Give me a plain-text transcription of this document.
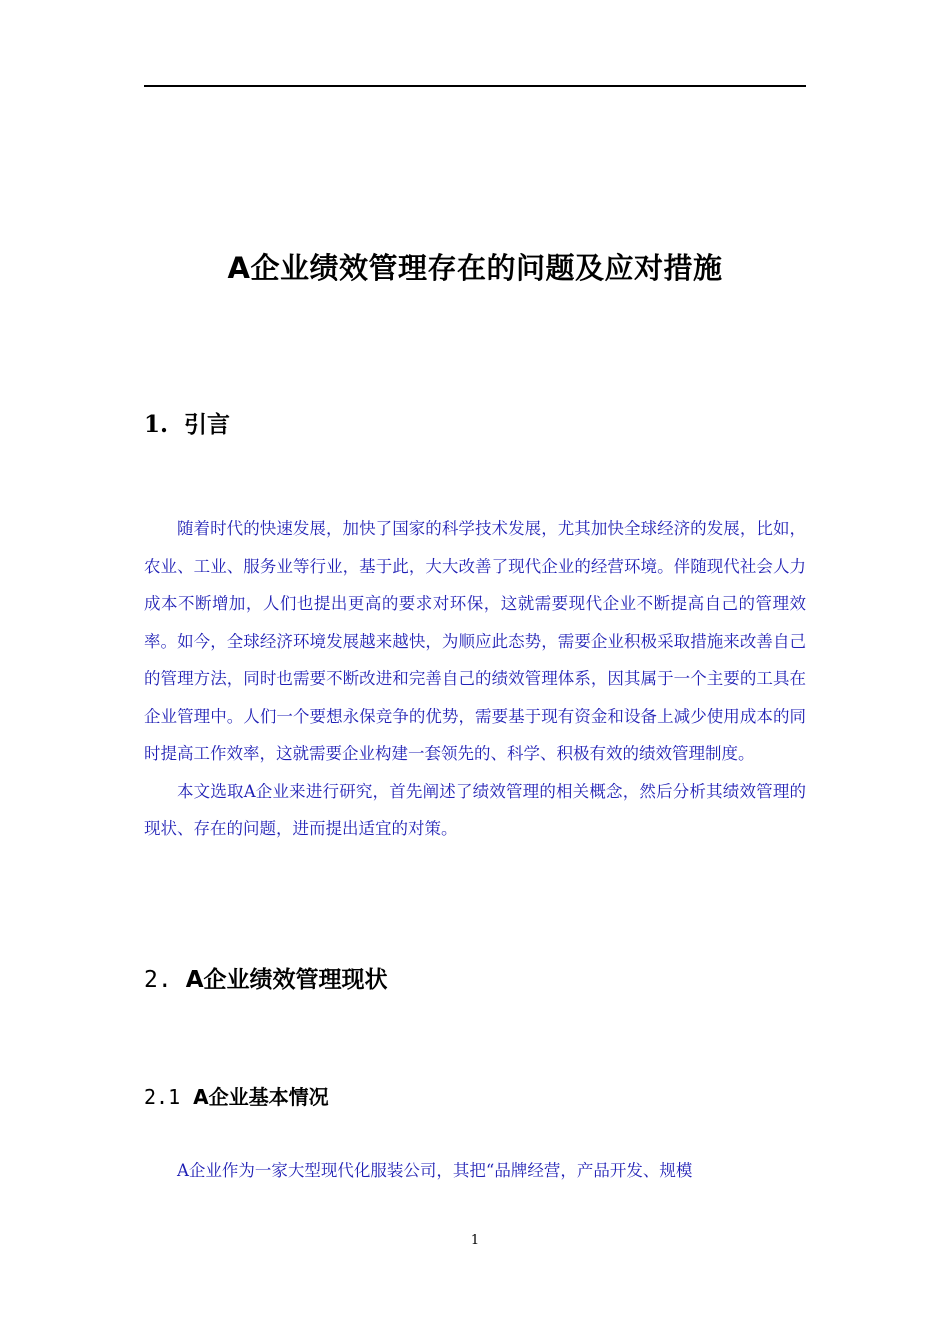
A企业绩效管理存在的问题及应对措施
1. 引言

随着时代的快速发展，加快了国家的科学技术发展，尤其加快全球经济的发展，比如，农业、工业、服务业等行业，基于此，大大改善了现代企业的经营环境。伴随现代社会人力成本不断增加，人们也提出更高的要求对环保，这就需要现代企业不断提高自己的管理效率。如今，全球经济环境发展越来越快，为顺应此态势，需要企业积极采取措施来改善自己的管理方法，同时也需要不断改进和完善自己的绩效管理体系，因其属于一个主要的工具在企业管理中。人们一个要想永保竞争的优势，需要基于现有资金和设备上减少使用成本的同时提高工作效率，这就需要企业构建一套领先的、科学、积极有效的绩效管理制度。

本文选取A企业来进行研究，首先阐述了绩效管理的相关概念，然后分析其绩效管理的现状、存在的问题，进而提出适宜的对策。

2. A企业绩效管理现状
2.1 A企业基本情况

A企业作为一家大型现代化服装公司，其把“品牌经营，产品开发、规模

1
